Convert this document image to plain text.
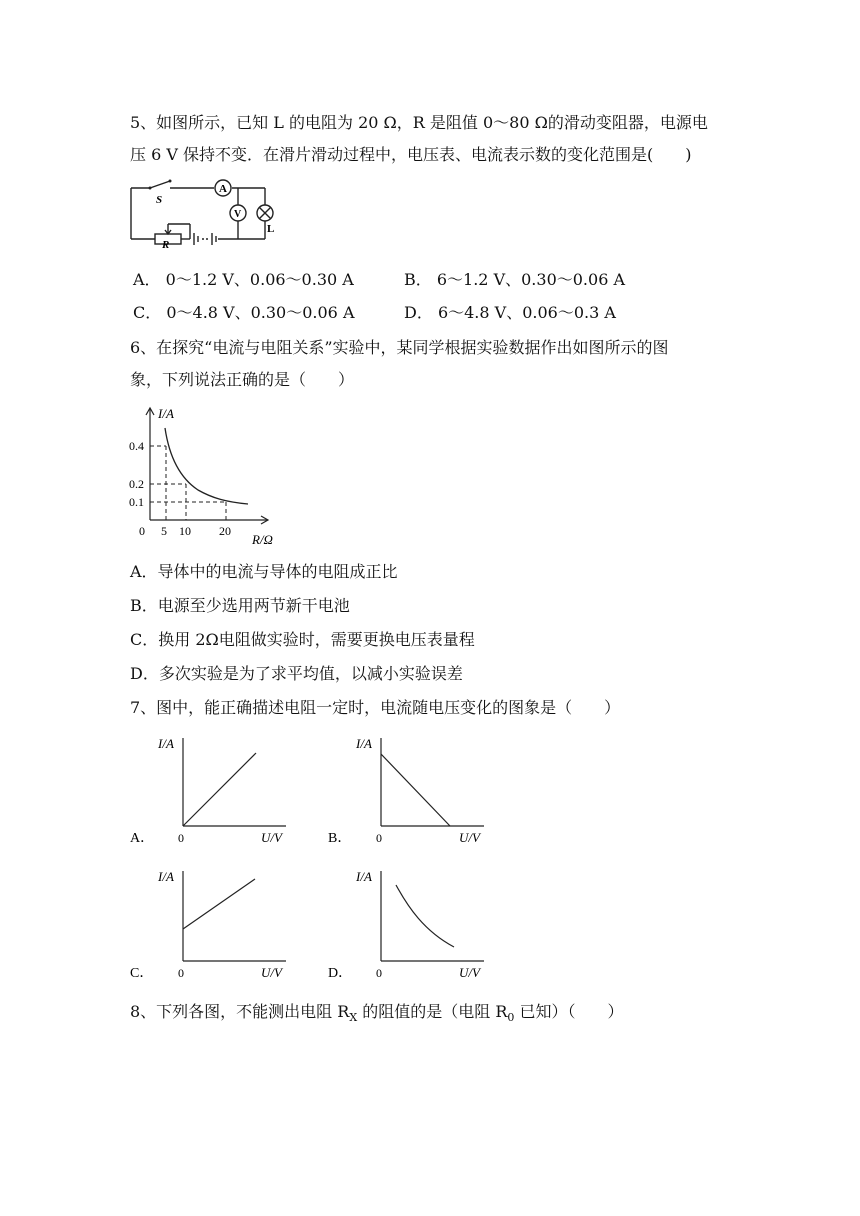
5、如图所示，已知 L 的电阻为 20 Ω，R 是阻值 0～80 Ω的滑动变阻器，电源电
压 6 V 保持不变．在滑片滑动过程中，电压表、电流表示数的变化范围是(　　)
S
A
V
L
R
A． 0～1.2 V、0.06～0.30 A	B． 6～1.2 V、0.30～0.06 A
C． 0～4.8 V、0.30～0.06 A	D． 6～4.8 V、0.06～0.3 A
6、在探究“电流与电阻关系”实验中，某同学根据实验数据作出如图所示的图
象，下列说法正确的是（　　）
I/A
0.4
0.2
0.1
0 5 10 20
R/Ω
A．导体中的电流与导体的电阻成正比
B．电源至少选用两节新干电池
C．换用 2Ω电阻做实验时，需要更换电压表量程
D．多次实验是为了求平均值，以减小实验误差
7、图中，能正确描述电阻一定时，电流随电压变化的图象是（　　）
I/A
0	U/V
A．
I/A
0	U/V
B．
I/A
0	U/V
C．
I/A
0	U/V
D．
8、下列各图，不能测出电阻 $R_X$ 的阻值的是（电阻 $R_0$ 已知）（　　）
